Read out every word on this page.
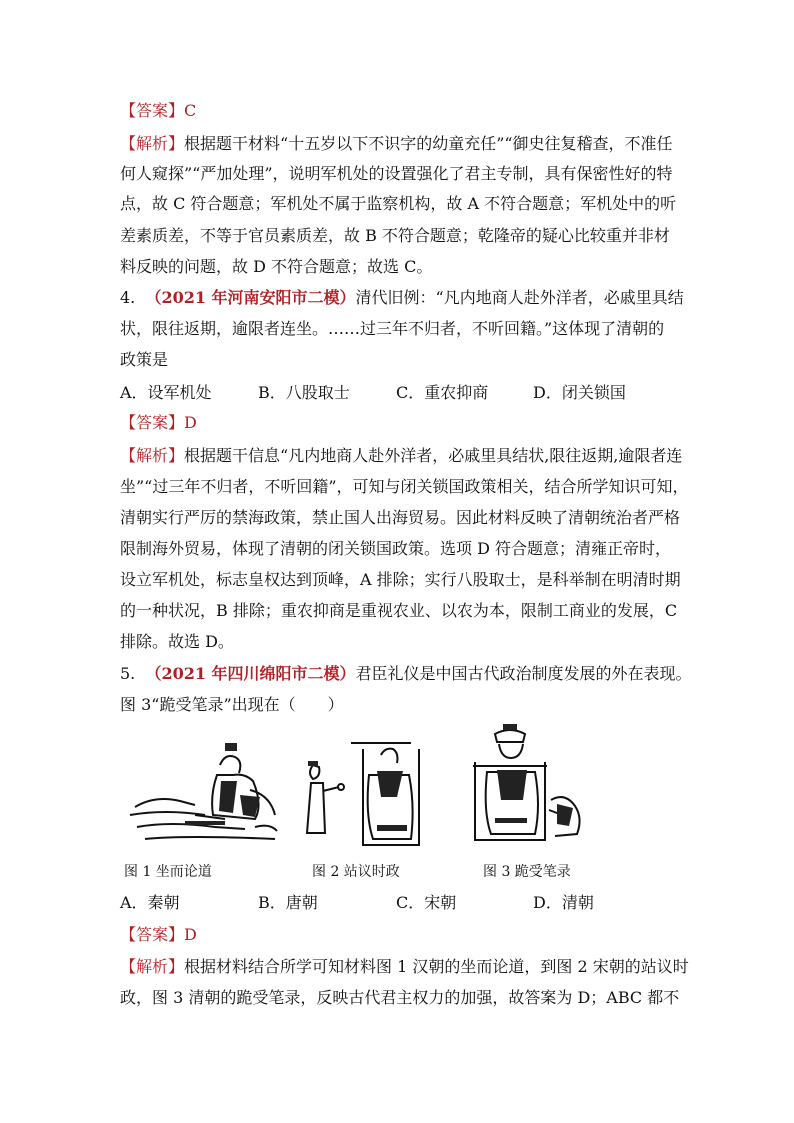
【答案】C
【解析】根据题干材料“十五岁以下不识字的幼童充任”“御史往复稽查，不准任
何人窥探”“严加处理”，说明军机处的设置强化了君主专制，具有保密性好的特
点，故 C 符合题意；军机处不属于监察机构，故 A 不符合题意；军机处中的听
差素质差，不等于官员素质差，故 B 不符合题意；乾隆帝的疑心比较重并非材
料反映的问题，故 D 不符合题意；故选 C。
4. （2021 年河南安阳市二模）清代旧例：“凡内地商人赴外洋者，必戚里具结
状，限往返期，逾限者连坐。……过三年不归者，不听回籍。”这体现了清朝的
政策是
A．设军机处	B．八股取士	C．重农抑商	D．闭关锁国
【答案】D
【解析】根据题干信息“凡内地商人赴外洋者，必戚里具结状,限往返期,逾限者连
坐”“过三年不归者，不听回籍”，可知与闭关锁国政策相关，结合所学知识可知，
清朝实行严厉的禁海政策，禁止国人出海贸易。因此材料反映了清朝统治者严格
限制海外贸易，体现了清朝的闭关锁国政策。选项 D 符合题意；清雍正帝时，
设立军机处，标志皇权达到顶峰，A 排除；实行八股取士，是科举制在明清时期
的一种状况，B 排除；重农抑商是重视农业、以农为本，限制工商业的发展，C
排除。故选 D。
5. （2021 年四川绵阳市二模）君臣礼仪是中国古代政治制度发展的外在表现。
图 3“跪受笔录”出现在（　　）
图 1 坐而论道	图 2 站议时政	图 3 跪受笔录
A．秦朝	B．唐朝	C．宋朝	D．清朝
【答案】D
【解析】根据材料结合所学可知材料图 1 汉朝的坐而论道，到图 2 宋朝的站议时
政，图 3 清朝的跪受笔录，反映古代君主权力的加强，故答案为 D；ABC 都不
